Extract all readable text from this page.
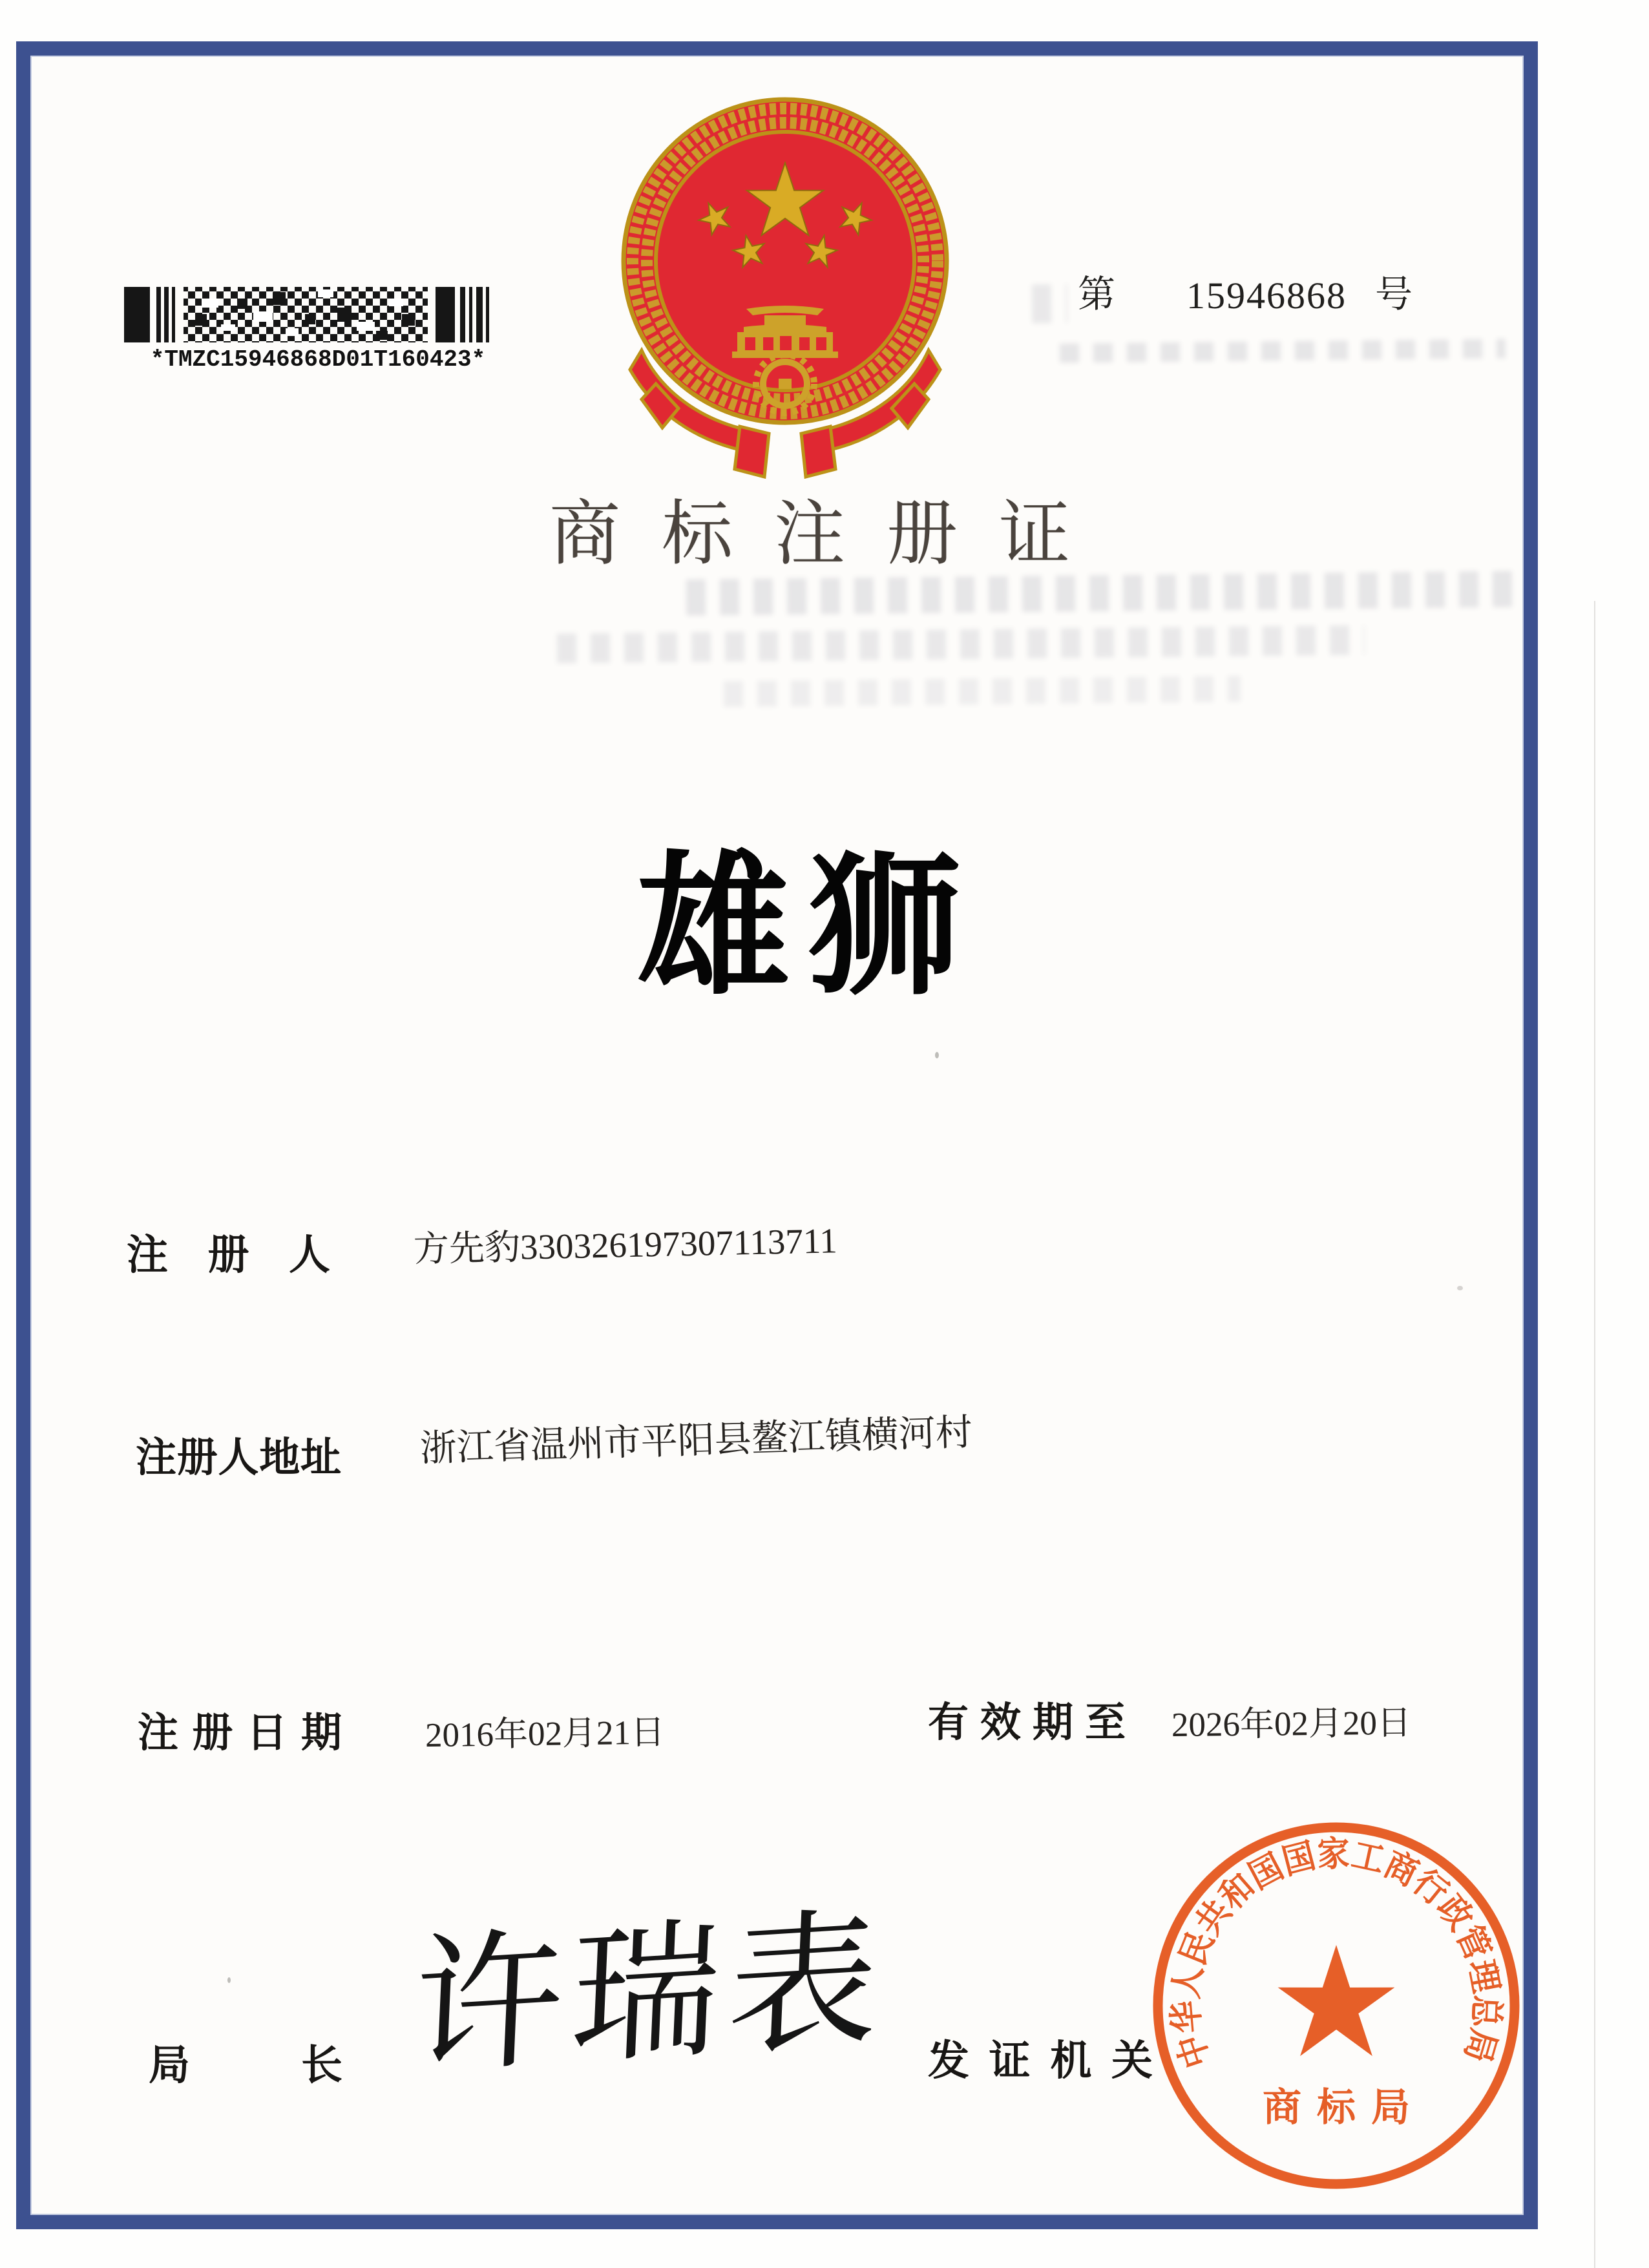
*TMZC15946868D01T160423*
第 15946868 号
商标注册证
雄狮
注册人 方先豹330326197307113711
注册人地址 浙江省温州市平阳县鳌江镇横河村
注册日期 2016年02月21日	有效期至 2026年02月20日
局长 许瑞表 发证机关 中华人民共和国国家工商行政管理总局
商标局
